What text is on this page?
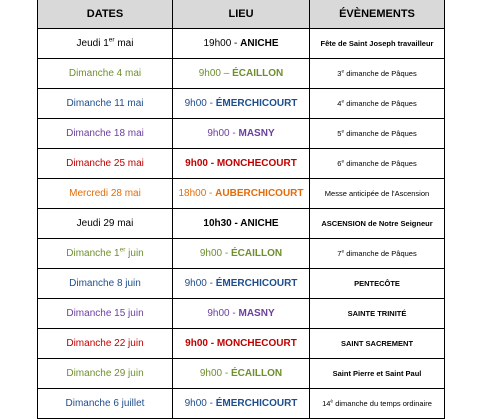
DATES	LIEU	ÉVÈNEMENTS
Jeudi 1er mai	19h00 - ANICHE	Fête de Saint Joseph travailleur
Dimanche 4 mai	9h00 – ÉCAILLON	3e dimanche de Pâques
Dimanche 11 mai	9h00 - ÉMERCHICOURT	4e dimanche de Pâques
Dimanche 18 mai	9h00 - MASNY	5e dimanche de Pâques
Dimanche 25 mai	9h00 - MONCHECOURT	6e dimanche de Pâques
Mercredi 28 mai	18h00 - AUBERCHICOURT	Messe anticipée de l'Ascension
Jeudi 29 mai	10h30 - ANICHE	ASCENSION de Notre Seigneur
Dimanche 1er juin	9h00 - ÉCAILLON	7e dimanche de Pâques
Dimanche 8 juin	9h00 - ÉMERCHICOURT	PENTECÔTE
Dimanche 15 juin	9h00 - MASNY	SAINTE TRINITÉ
Dimanche 22 juin	9h00 - MONCHECOURT	SAINT SACREMENT
Dimanche 29 juin	9h00 - ÉCAILLON	Saint Pierre et Saint Paul
Dimanche 6 juillet	9h00 - ÉMERCHICOURT	$14^è$ dimanche du temps ordinaire
